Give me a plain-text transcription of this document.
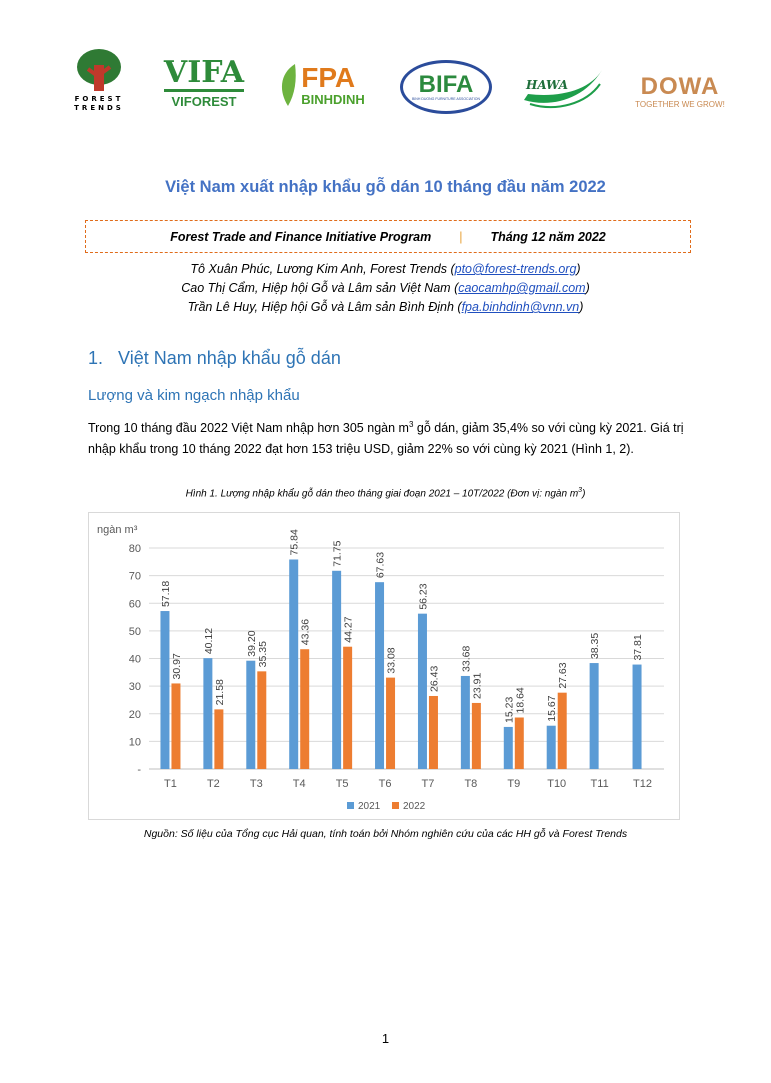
FOREST
TRENDS
VIFA
VIFOREST
FPA
BINHDINH
BIFA
BINH DUONG FURNITURE ASSOCIATION
HAWA	DOWA
TOGETHER WE GROW!
Việt Nam xuất nhập khẩu gỗ dán 10 tháng đầu năm 2022
Forest Trade and Finance Initiative Program | Tháng 12 năm 2022
Tô Xuân Phúc, Lương Kim Anh, Forest Trends (pto@forest-trends.org)
Cao Thị Cẩm, Hiệp hội Gỗ và Lâm sản Việt Nam (caocamhp@gmail.com)
Trần Lê Huy, Hiệp hội Gỗ và Lâm sản Bình Định (fpa.binhdinh@vnn.vn)
1.   Việt Nam nhập khẩu gỗ dán
Lượng và kim ngạch nhập khẩu
Trong 10 tháng đầu 2022 Việt Nam nhập hơn 305 ngàn $m^3$ gỗ dán, giảm 35,4% so với cùng kỳ 2021. Giá trị nhập khẩu trong 10 tháng 2022 đạt hơn 153 triệu USD, giảm 22% so với cùng kỳ 2021 (Hình 1, 2).
Hình 1. Lượng nhập khẩu gỗ dán theo tháng giai đoạn 2021 – 10T/2022 (Đơn vị: ngàn $m^3$)
ngàn m³
-
10
20
30
40
50
60
70
80
T1
57.18
30.97
T2
40.12
21.58
T3
39.20 35.35
T4
75.84
43.36
T5
71.75
44.27
T6
67.63
33.08
T7
56.23
26.43
T8
33.68
23.91
T9
15.23 18.64
T10
15.67
27.63
T11
38.35
T12
37.81
2021 2022
Nguồn: Số liệu của Tổng cục Hải quan, tính toán bởi Nhóm nghiên cứu của các HH gỗ và Forest Trends
1
